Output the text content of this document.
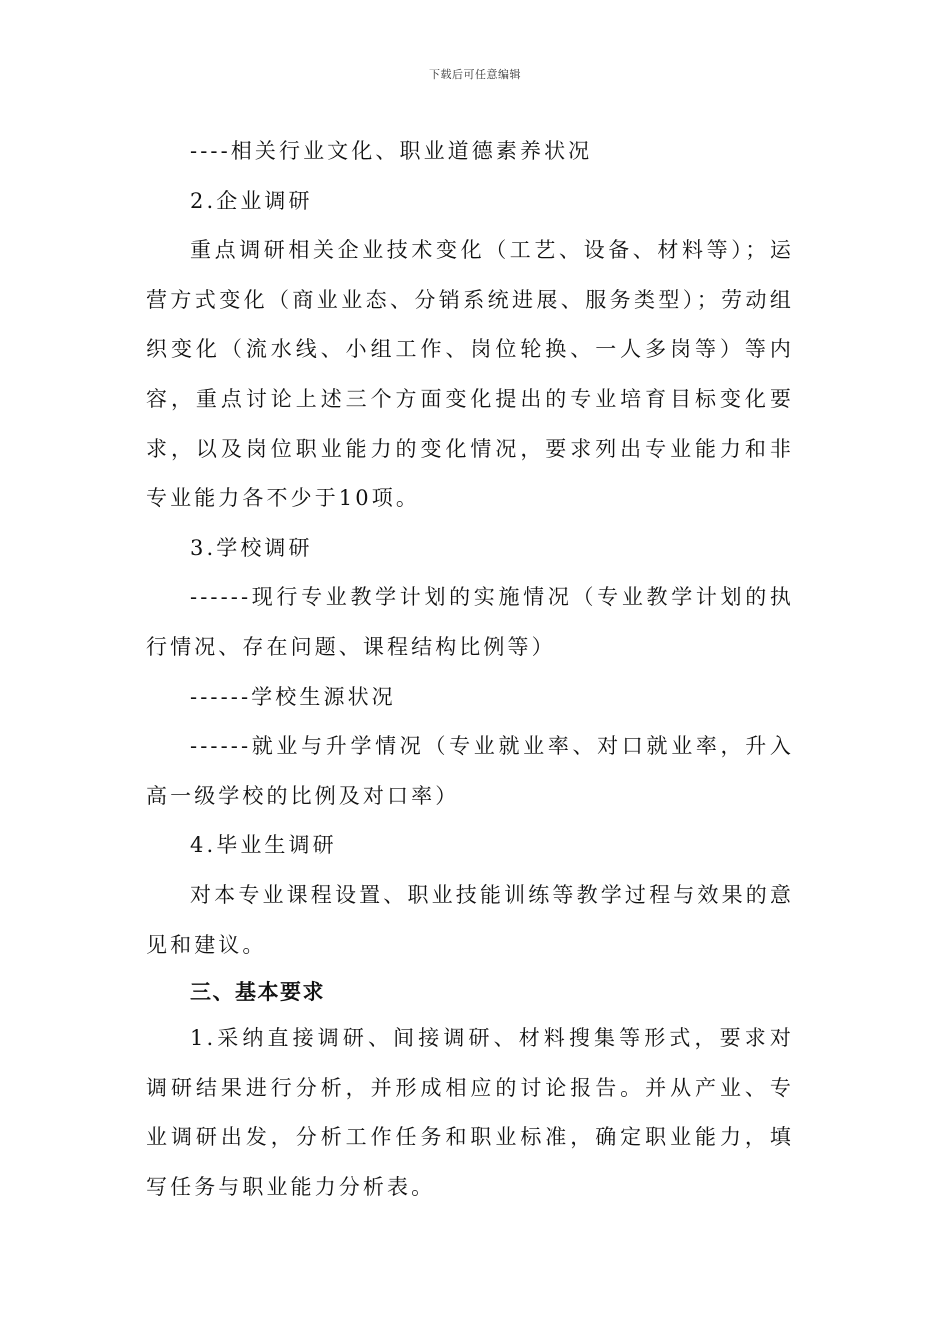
下载后可任意编辑

----相关行业文化、职业道德素养状况

2.企业调研

重点调研相关企业技术变化（工艺、设备、材料等）；运营方式变化（商业业态、分销系统进展、服务类型）；劳动组织变化（流水线、小组工作、岗位轮换、一人多岗等）等内容，重点讨论上述三个方面变化提出的专业培育目标变化要求，以及岗位职业能力的变化情况，要求列出专业能力和非专业能力各不少于10项。

3.学校调研

------现行专业教学计划的实施情况（专业教学计划的执行情况、存在问题、课程结构比例等）

------学校生源状况

------就业与升学情况（专业就业率、对口就业率，升入高一级学校的比例及对口率）

4.毕业生调研

对本专业课程设置、职业技能训练等教学过程与效果的意见和建议。

三、基本要求

1.采纳直接调研、间接调研、材料搜集等形式，要求对调研结果进行分析，并形成相应的讨论报告。并从产业、专业调研出发，分析工作任务和职业标准，确定职业能力，填写任务与职业能力分析表。
